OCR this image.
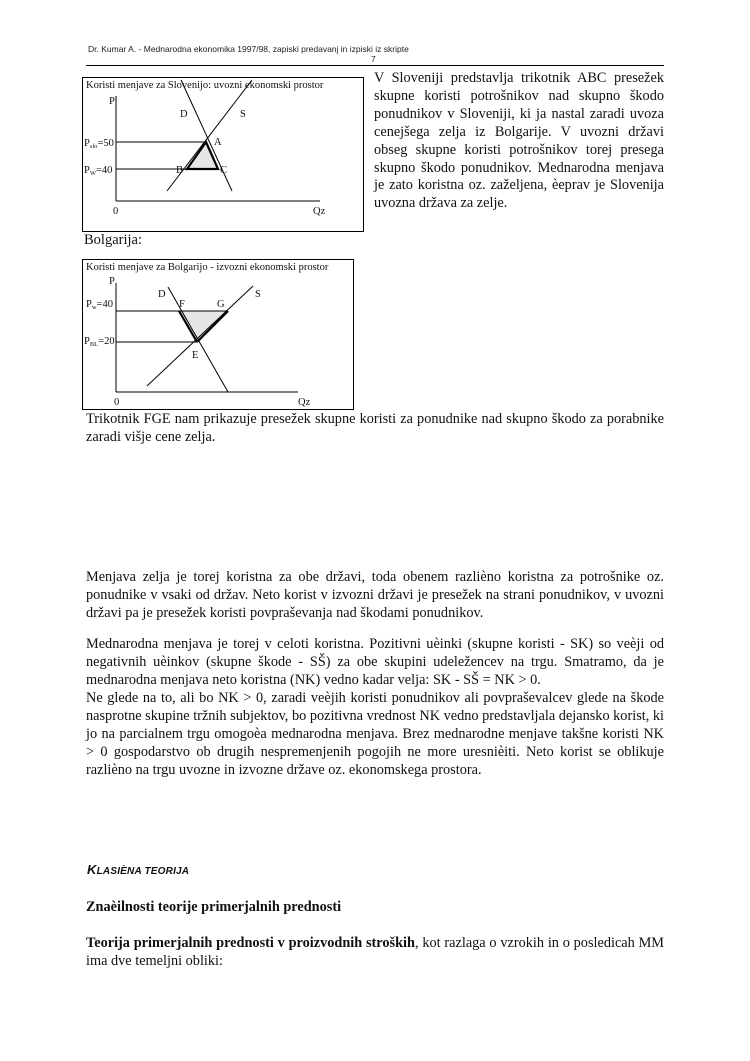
Dr. Kumar A. - Mednarodna ekonomika 1997/98, zapiski predavanj in izpiski iz skripte
7
Koristi menjave za Slovenijo: uvozni ekonomski prostor
P
D	S
A
B	C
Pslo=50
PW=40
0	Qz
V Sloveniji predstavlja trikotnik ABC presežek skupne koristi potrošnikov nad skupno škodo ponudnikov v Sloveniji, ki ja nastal zaradi uvoza cenejšega zelja iz Bolgarije. V uvozni državi obseg skupne koristi potrošnikov torej presega skupno škodo ponudnikov. Mednarodna menjava je zato koristna oz. zaželjena, èeprav je Slovenija uvozna država za zelje.
Bolgarija:
Koristi menjave za Bolgarijo - izvozni ekonomski prostor
P
D	S
F	G
E
Pw=40
PBL=20
0	Qz
Trikotnik FGE nam prikazuje presežek skupne koristi za ponudnike nad skupno škodo za porabnike zaradi višje cene zelja.
Menjava zelja je torej koristna za obe državi, toda obenem razlièno koristna za potrošnike oz. ponudnike v vsaki od držav. Neto korist v izvozni državi je presežek na strani ponudnikov, v uvozni državi pa je presežek koristi povpraševanja nad škodami ponudnikov.
Mednarodna menjava je torej v celoti koristna. Pozitivni uèinki (skupne koristi - SK) so veèji od negativnih uèinkov (skupne škode - SŠ) za obe skupini udeležencev na trgu. Smatramo, da je mednarodna menjava neto koristna (NK) vedno kadar velja: SK - SŠ = NK > 0.
Ne glede na to, ali bo NK > 0, zaradi veèjih koristi ponudnikov ali povpraševalcev glede na škode nasprotne skupine tržnih subjektov, bo pozitivna vrednost NK vedno predstavljala dejansko korist, ki jo na parcialnem trgu omogoèa mednarodna menjava. Brez mednarodne menjave takšne koristi NK > 0 gospodarstvo ob drugih nespremenjenih pogojih ne more uresnièiti. Neto korist se oblikuje razlièno na trgu uvozne in izvozne države oz. ekonomskega prostora.
KLASIÈNA TEORIJA
Znaèilnosti teorije primerjalnih prednosti
Teorija primerjalnih prednosti v proizvodnih stroških, kot razlaga o vzrokih in o posledicah MM ima dve temeljni obliki:
